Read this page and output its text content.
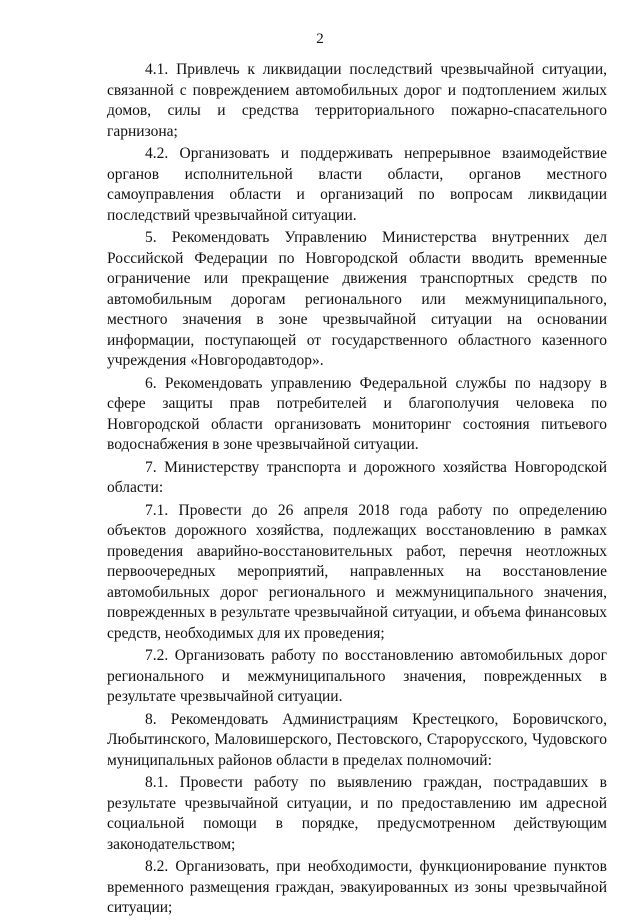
2

4.1. Привлечь к ликвидации последствий чрезвычайной ситуации, связанной с повреждением автомобильных дорог и подтоплением жилых домов, силы и средства территориального пожарно-спасательного гарнизона;

4.2. Организовать и поддерживать непрерывное взаимодействие органов исполнительной власти области, органов местного самоуправления области и организаций по вопросам ликвидации последствий чрезвычайной ситуации.

5. Рекомендовать Управлению Министерства внутренних дел Российской Федерации по Новгородской области вводить временные ограничение или прекращение движения транспортных средств по автомобильным дорогам регионального или межмуниципального, местного значения в зоне чрезвычайной ситуации на основании информации, поступающей от государственного областного казенного учреждения «Новгородавтодор».

6. Рекомендовать управлению Федеральной службы по надзору в сфере защиты прав потребителей и благополучия человека по Новгородской области организовать мониторинг состояния питьевого водоснабжения в зоне чрезвычайной ситуации.

7. Министерству транспорта и дорожного хозяйства Новгородской области:

7.1. Провести до 26 апреля 2018 года работу по определению объектов дорожного хозяйства, подлежащих восстановлению в рамках проведения аварийно-восстановительных работ, перечня неотложных первоочередных мероприятий, направленных на восстановление автомобильных дорог регионального и межмуниципального значения, поврежденных в результате чрезвычайной ситуации, и объема финансовых средств, необходимых для их проведения;

7.2. Организовать работу по восстановлению автомобильных дорог регионального и межмуниципального значения, поврежденных в результате чрезвычайной ситуации.

8. Рекомендовать Администрациям Крестецкого, Боровичского, Любытинского, Маловишерского, Пестовского, Старорусского, Чудовского муниципальных районов области в пределах полномочий:

8.1. Провести работу по выявлению граждан, пострадавших в результате чрезвычайной ситуации, и по предоставлению им адресной социальной помощи в порядке, предусмотренном действующим законодательством;

8.2. Организовать, при необходимости, функционирование пунктов временного размещения граждан, эвакуированных из зоны чрезвычайной ситуации;
